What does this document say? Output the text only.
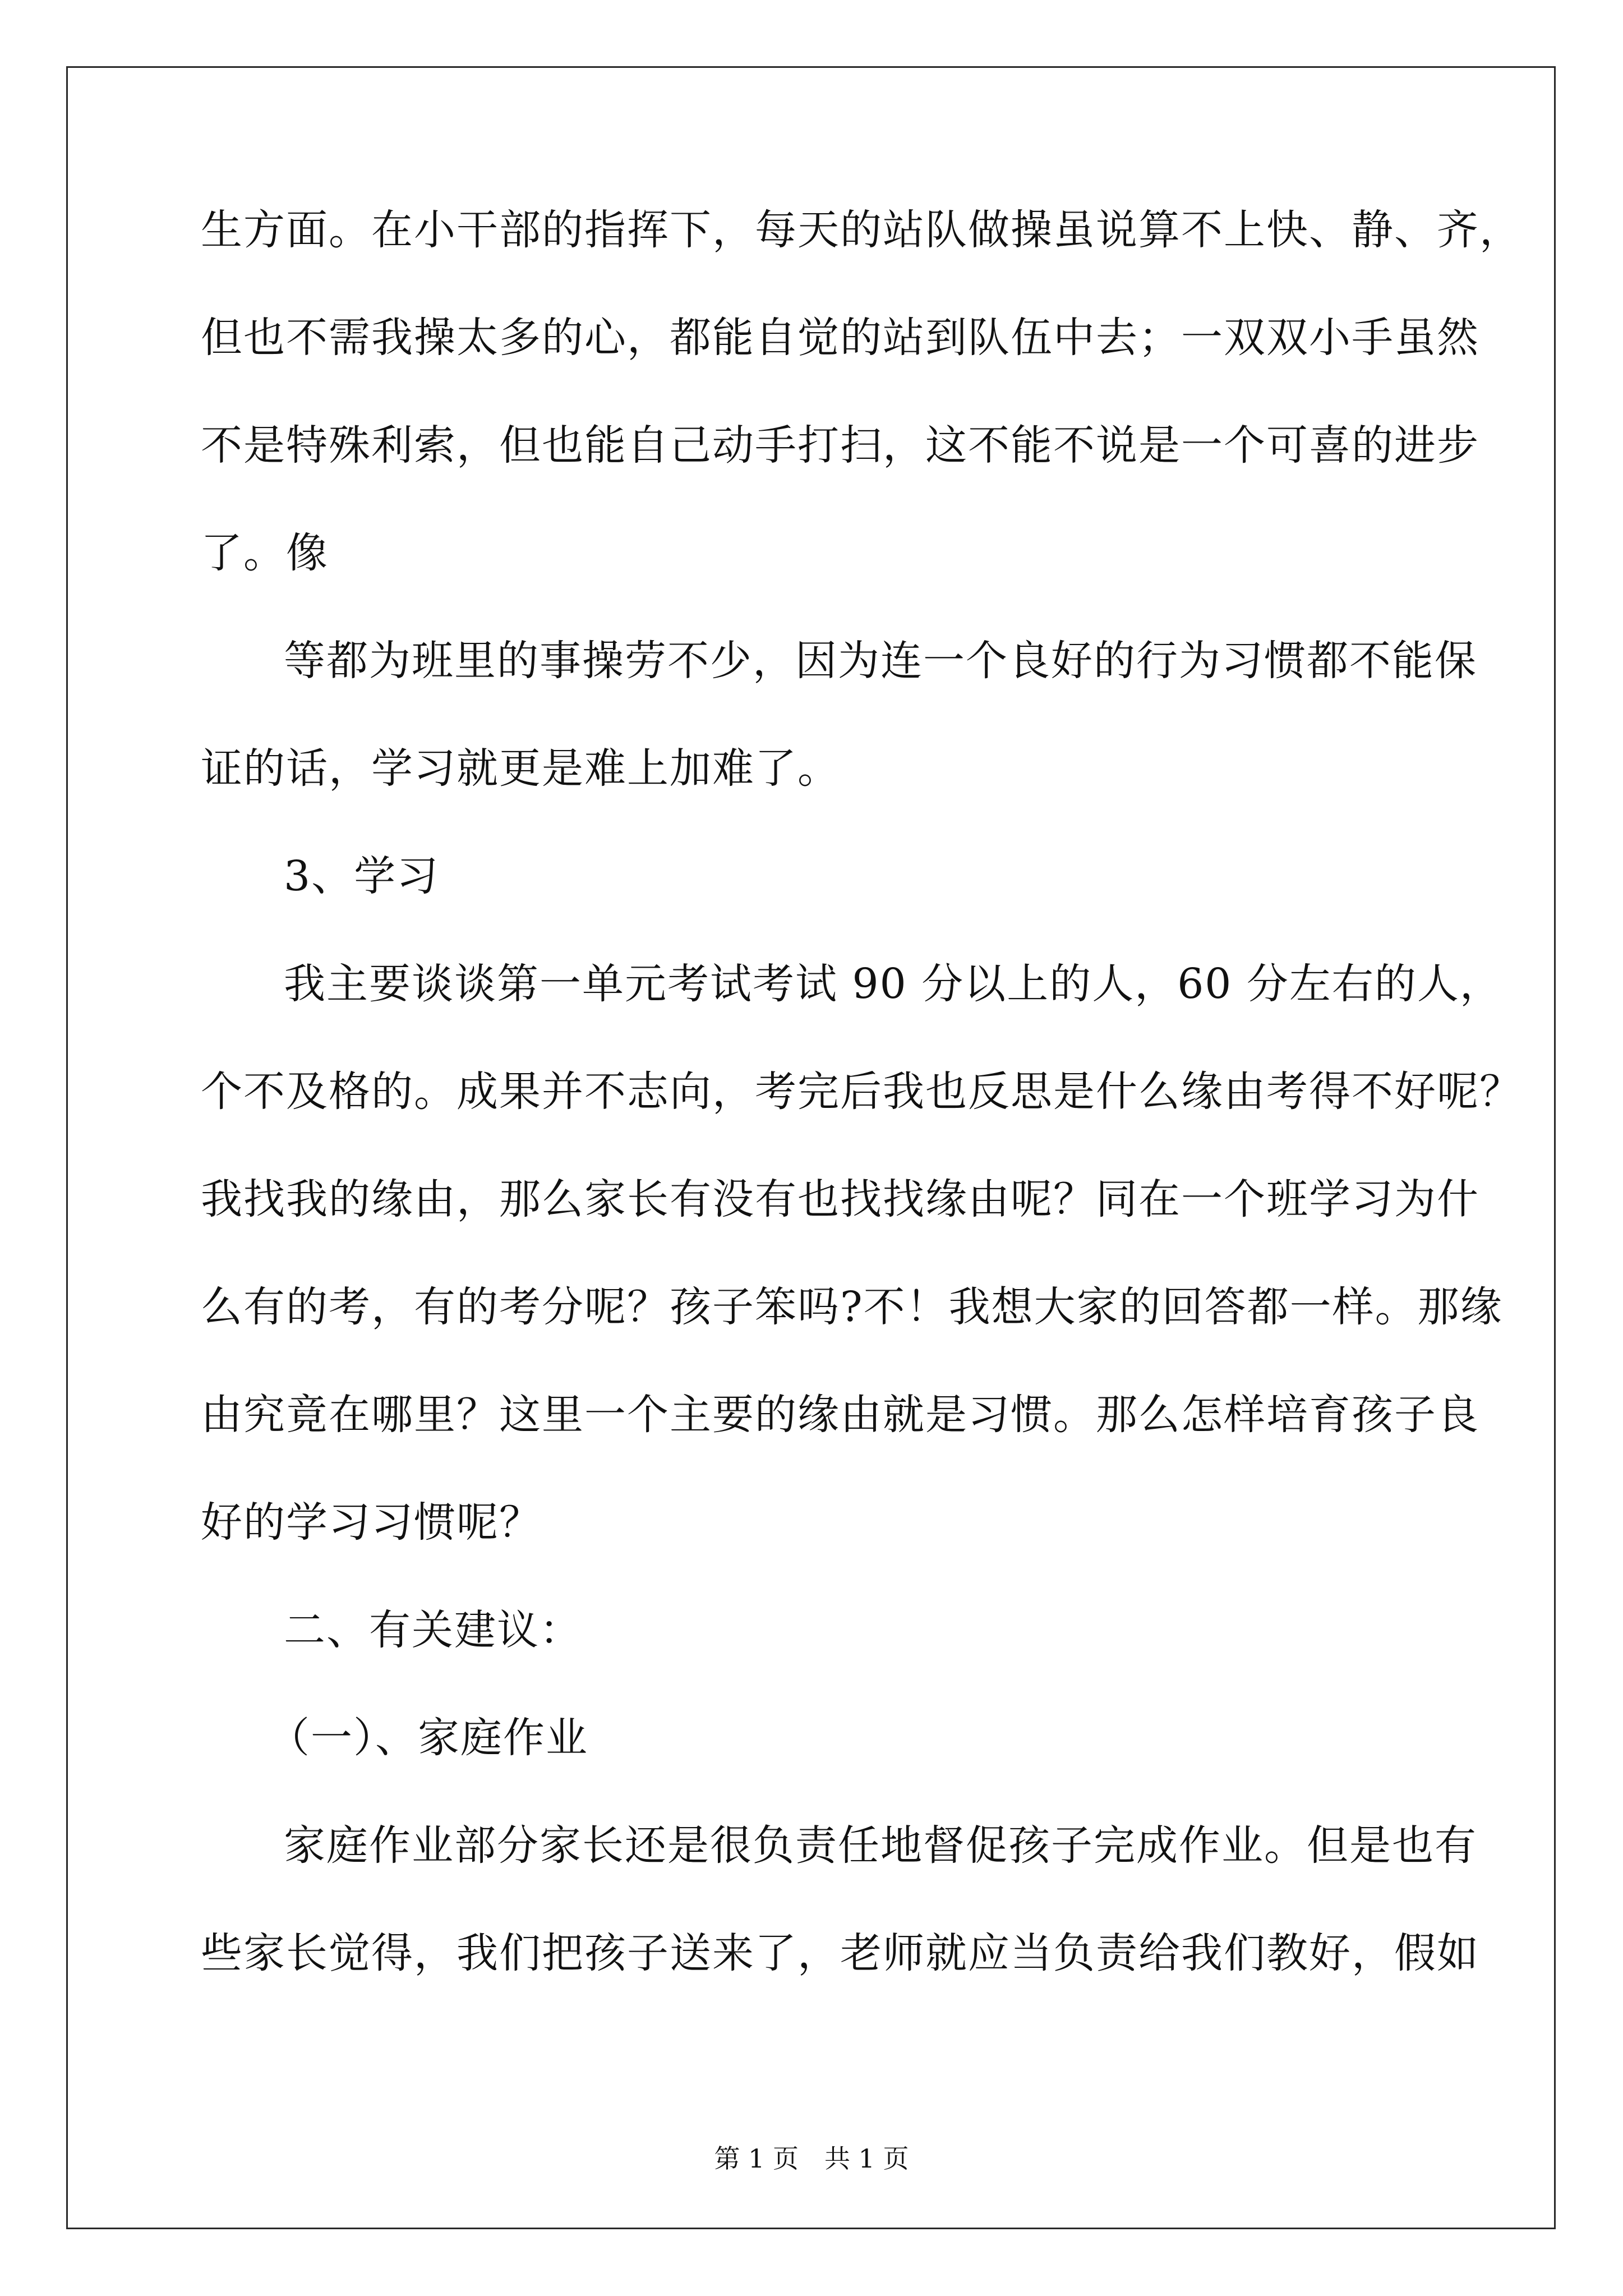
生方面。在小干部的指挥下，每天的站队做操虽说算不上快、静、齐，
但也不需我操太多的心，都能自觉的站到队伍中去；一双双小手虽然
不是特殊利索，但也能自己动手打扫，这不能不说是一个可喜的进步
了。像
等都为班里的事操劳不少，因为连一个良好的行为习惯都不能保
证的话，学习就更是难上加难了。
3、学习
我主要谈谈第一单元考试考试 90 分以上的人，60 分左右的人，
个不及格的。成果并不志向，考完后我也反思是什么缘由考得不好呢？
我找我的缘由，那么家长有没有也找找缘由呢？同在一个班学习为什
么有的考，有的考分呢？孩子笨吗?不！我想大家的回答都一样。那缘
由究竟在哪里？这里一个主要的缘由就是习惯。那么怎样培育孩子良
好的学习习惯呢？
二、有关建议：
（一）、家庭作业
家庭作业部分家长还是很负责任地督促孩子完成作业。但是也有
些家长觉得，我们把孩子送来了，老师就应当负责给我们教好，假如
第 1 页　共 1 页
